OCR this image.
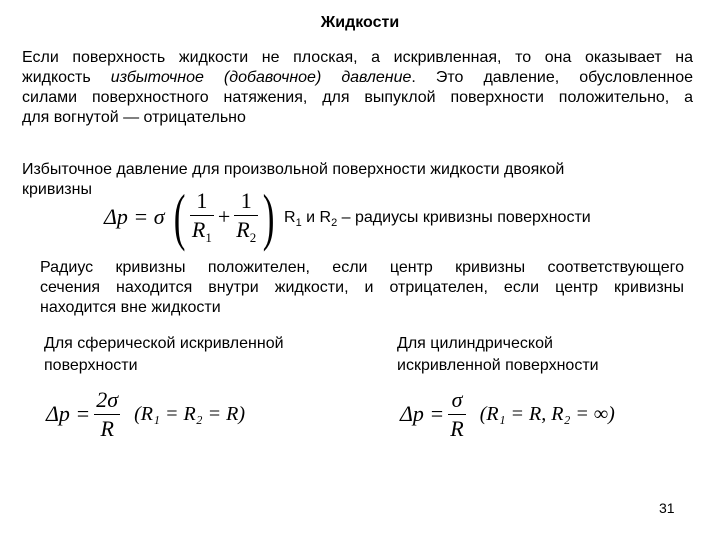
Жидкости
Если поверхность жидкости не плоская, а искривленная, то она оказывает на
жидкость избыточное (добавочное) давление. Это давление, обусловленное
силами поверхностного натяжения, для выпуклой поверхности положительно, а
для вогнутой — отрицательно
Избыточное давление для произвольной поверхности жидкости двоякой
кривизны
Δp = σ ( $\frac{1}{R_1} + \frac{1}{R_2}$ ) $R_1$ и $R_2$ – радиусы кривизны поверхности
Радиус кривизны положителен, если центр кривизны соответствующего
сечения находится внутри жидкости, и отрицателен, если центр кривизны
находится вне жидкости
Для сферической искривленной
поверхности
Для цилиндрической
искривленной поверхности
$\Delta p = \frac{2\sigma}{R} (R_1 = R_2 = R)$	$\Delta p = \frac{\sigma}{R} (R_1 = R$, R₂ = ∞)
31
